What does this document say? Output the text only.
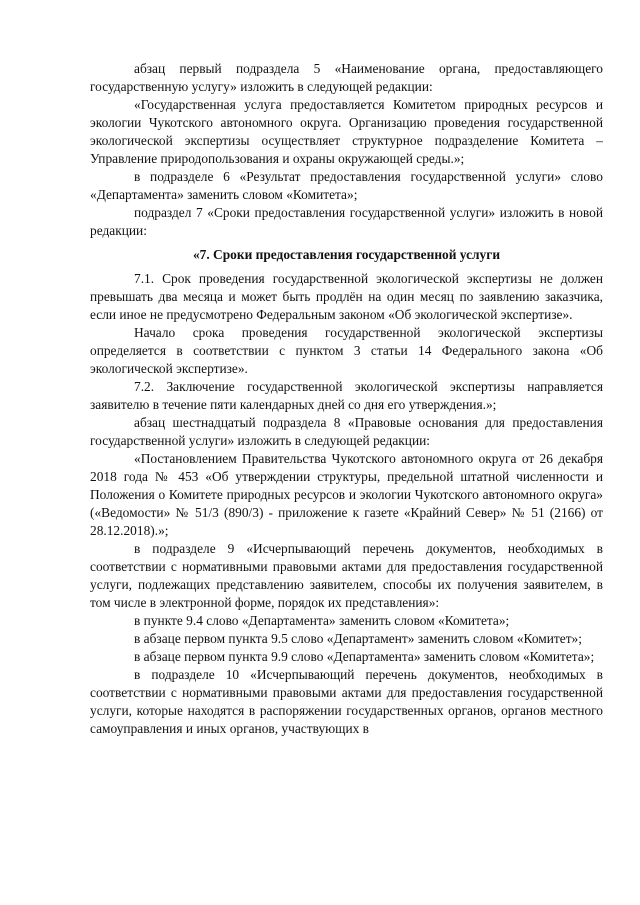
абзац первый подраздела 5 «Наименование органа, предоставляющего государственную услугу» изложить в следующей редакции:

«Государственная услуга предоставляется Комитетом природных ресурсов и экологии Чукотского автономного округа. Организацию проведения государственной экологической экспертизы осуществляет структурное подразделение Комитета – Управление природопользования и охраны окружающей среды.»;

в подразделе 6 «Результат предоставления государственной услуги» слово «Департамента» заменить словом «Комитета»;

подраздел 7 «Сроки предоставления государственной услуги» изложить в новой редакции:

«7. Сроки предоставления государственной услуги

7.1. Срок проведения государственной экологической экспертизы не должен превышать два месяца и может быть продлён на один месяц по заявлению заказчика, если иное не предусмотрено Федеральным законом «Об экологической экспертизе».

Начало срока проведения государственной экологической экспертизы определяется в соответствии с пунктом 3 статьи 14 Федерального закона «Об экологической экспертизе».

7.2. Заключение государственной экологической экспертизы направляется заявителю в течение пяти календарных дней со дня его утверждения.»;

абзац шестнадцатый подраздела 8 «Правовые основания для предоставления государственной услуги» изложить в следующей редакции:

«Постановлением Правительства Чукотского автономного округа от 26 декабря 2018 года № 453 «Об утверждении структуры, предельной штатной численности и Положения о Комитете природных ресурсов и экологии Чукотского автономного округа» («Ведомости» № 51/3 (890/3) - приложение к газете «Крайний Север» № 51 (2166) от 28.12.2018).»;

в подразделе 9 «Исчерпывающий перечень документов, необходимых в соответствии с нормативными правовыми актами для предоставления государственной услуги, подлежащих представлению заявителем, способы их получения заявителем, в том числе в электронной форме, порядок их представления»:

в пункте 9.4 слово «Департамента» заменить словом «Комитета»;

в абзаце первом пункта 9.5 слово «Департамент» заменить словом «Комитет»;

в абзаце первом пункта 9.9 слово «Департамента» заменить словом «Комитета»;

в подразделе 10 «Исчерпывающий перечень документов, необходимых в соответствии с нормативными правовыми актами для предоставления государственной услуги, которые находятся в распоряжении государственных органов, органов местного самоуправления и иных органов, участвующих в
